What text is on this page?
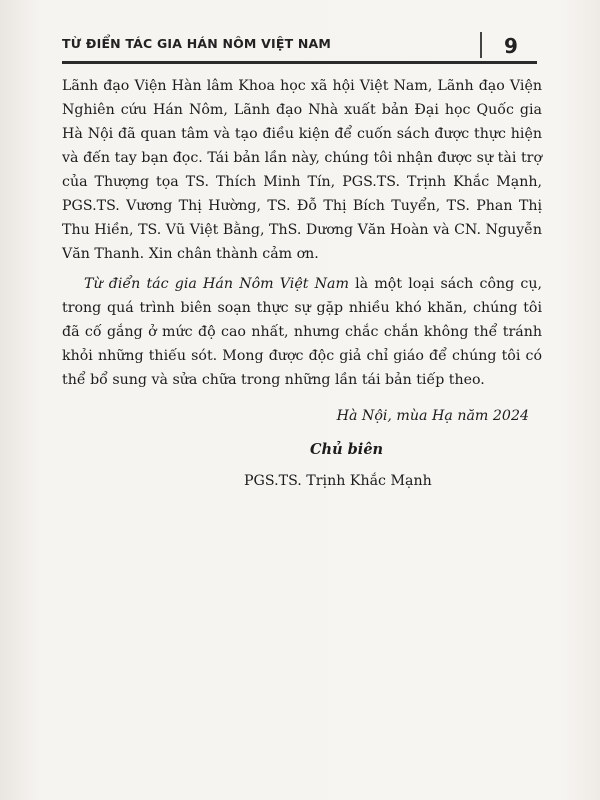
TỪ ĐIỂN TÁC GIA HÁN NÔM VIỆT NAM	9

Lãnh đạo Viện Hàn lâm Khoa học xã hội Việt Nam, Lãnh đạo Viện Nghiên cứu Hán Nôm, Lãnh đạo Nhà xuất bản Đại học Quốc gia Hà Nội đã quan tâm và tạo điều kiện để cuốn sách được thực hiện và đến tay bạn đọc. Tái bản lần này, chúng tôi nhận được sự tài trợ của Thượng tọa TS. Thích Minh Tín, PGS.TS. Trịnh Khắc Mạnh, PGS.TS. Vương Thị Hường, TS. Đỗ Thị Bích Tuyển, TS. Phan Thị Thu Hiền, TS. Vũ Việt Bằng, ThS. Dương Văn Hoàn và CN. Nguyễn Văn Thanh. Xin chân thành cảm ơn.

Từ điển tác gia Hán Nôm Việt Nam là một loại sách công cụ, trong quá trình biên soạn thực sự gặp nhiều khó khăn, chúng tôi đã cố gắng ở mức độ cao nhất, nhưng chắc chắn không thể tránh khỏi những thiếu sót. Mong được độc giả chỉ giáo để chúng tôi có thể bổ sung và sửa chữa trong những lần tái bản tiếp theo.

Hà Nội, mùa Hạ năm 2024
Chủ biên
PGS.TS. Trịnh Khắc Mạnh
